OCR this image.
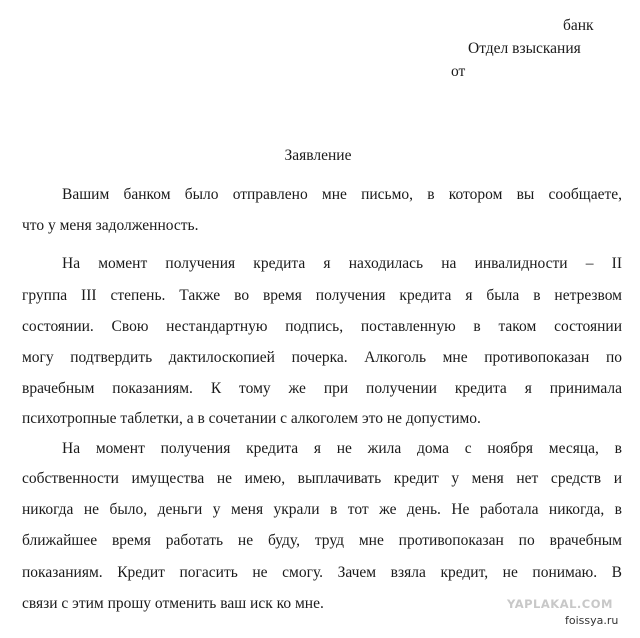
банк
Отдел взыскания
от
Заявление
Вашим банком было отправлено мне письмо, в котором вы сообщаете,
что у меня задолженность.
На момент получения кредита я находилась на инвалидности – II
группа III степень. Также во время получения кредита я была в нетрезвом
состоянии. Свою нестандартную подпись, поставленную в таком состоянии
могу подтвердить дактилоскопией почерка. Алкоголь мне противопоказан по
врачебным показаниям. К тому же при получении кредита я принимала
психотропные таблетки, а в сочетании с алкоголем это не допустимо.
На момент получения кредита я не жила дома с ноября месяца, в
собственности имущества не имею, выплачивать кредит у меня нет средств и
никогда не было, деньги у меня украли в тот же день. Не работала никогда, в
ближайшее время работать не буду, труд мне противопоказан по врачебным
показаниям. Кредит погасить не смогу. Зачем взяла кредит, не понимаю. В
связи с этим прошу отменить ваш иск ко мне.	YAPLAKAL.COM
foissya.ru
